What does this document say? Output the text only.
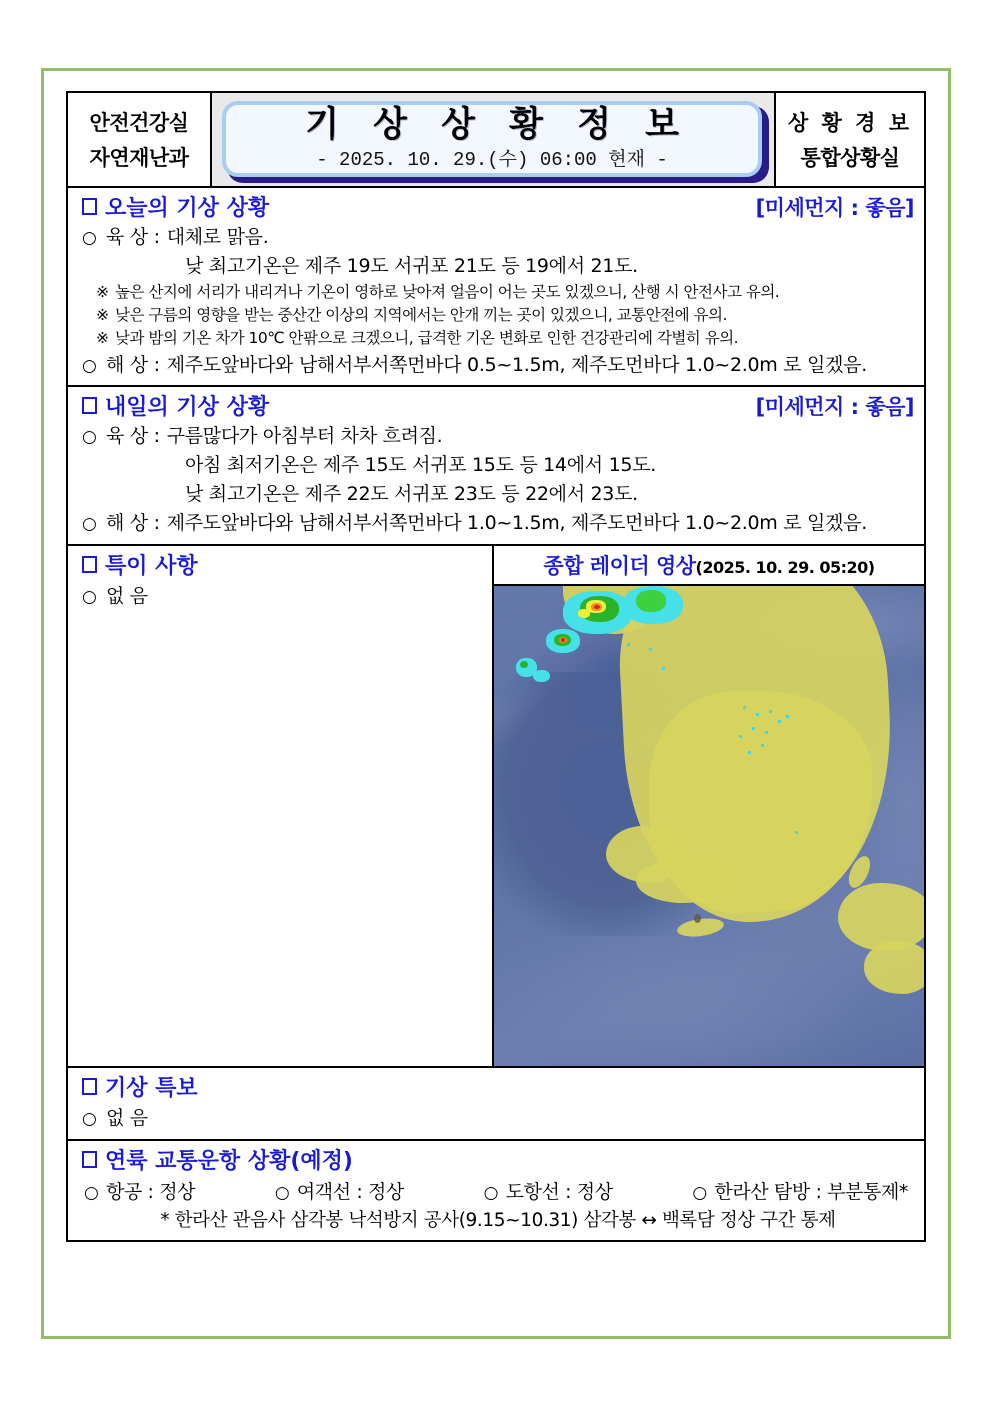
안전건강실
자연재난과
기 상 상 황 정 보
- 2025. 10. 29.(수) 06:00 현재 -
상 황 경 보
통합상황실
오늘의 기상 상황	[미세먼지 : 좋음]
○ 육 상 : 대체로 맑음.
낮 최고기온은 제주 19도 서귀포 21도 등 19에서 21도.
※ 높은 산지에 서리가 내리거나 기온이 영하로 낮아져 얼음이 어는 곳도 있겠으니, 산행 시 안전사고 유의.
※ 낮은 구름의 영향을 받는 중산간 이상의 지역에서는 안개 끼는 곳이 있겠으니, 교통안전에 유의.
※ 낮과 밤의 기온 차가 10℃ 안팎으로 크겠으니, 급격한 기온 변화로 인한 건강관리에 각별히 유의.
○ 해 상 : 제주도앞바다와 남해서부서쪽먼바다 0.5~1.5m, 제주도먼바다 1.0~2.0m 로 일겠음.
내일의 기상 상황	[미세먼지 : 좋음]
○ 육 상 : 구름많다가 아침부터 차차 흐려짐.
아침 최저기온은 제주 15도 서귀포 15도 등 14에서 15도.
낮 최고기온은 제주 22도 서귀포 23도 등 22에서 23도.
○ 해 상 : 제주도앞바다와 남해서부서쪽먼바다 1.0~1.5m, 제주도먼바다 1.0~2.0m 로 일겠음.
특이 사항
○ 없 음
종합 레이더 영상(2025. 10. 29. 05:20)
기상 특보
○ 없 음
연륙 교통운항 상황(예정)
○ 항공 : 정상	○ 여객선 : 정상	○ 도항선 : 정상	○ 한라산 탐방 : 부분통제*
* 한라산 관음사 삼각봉 낙석방지 공사(9.15~10.31) 삼각봉 ↔ 백록담 정상 구간 통제
